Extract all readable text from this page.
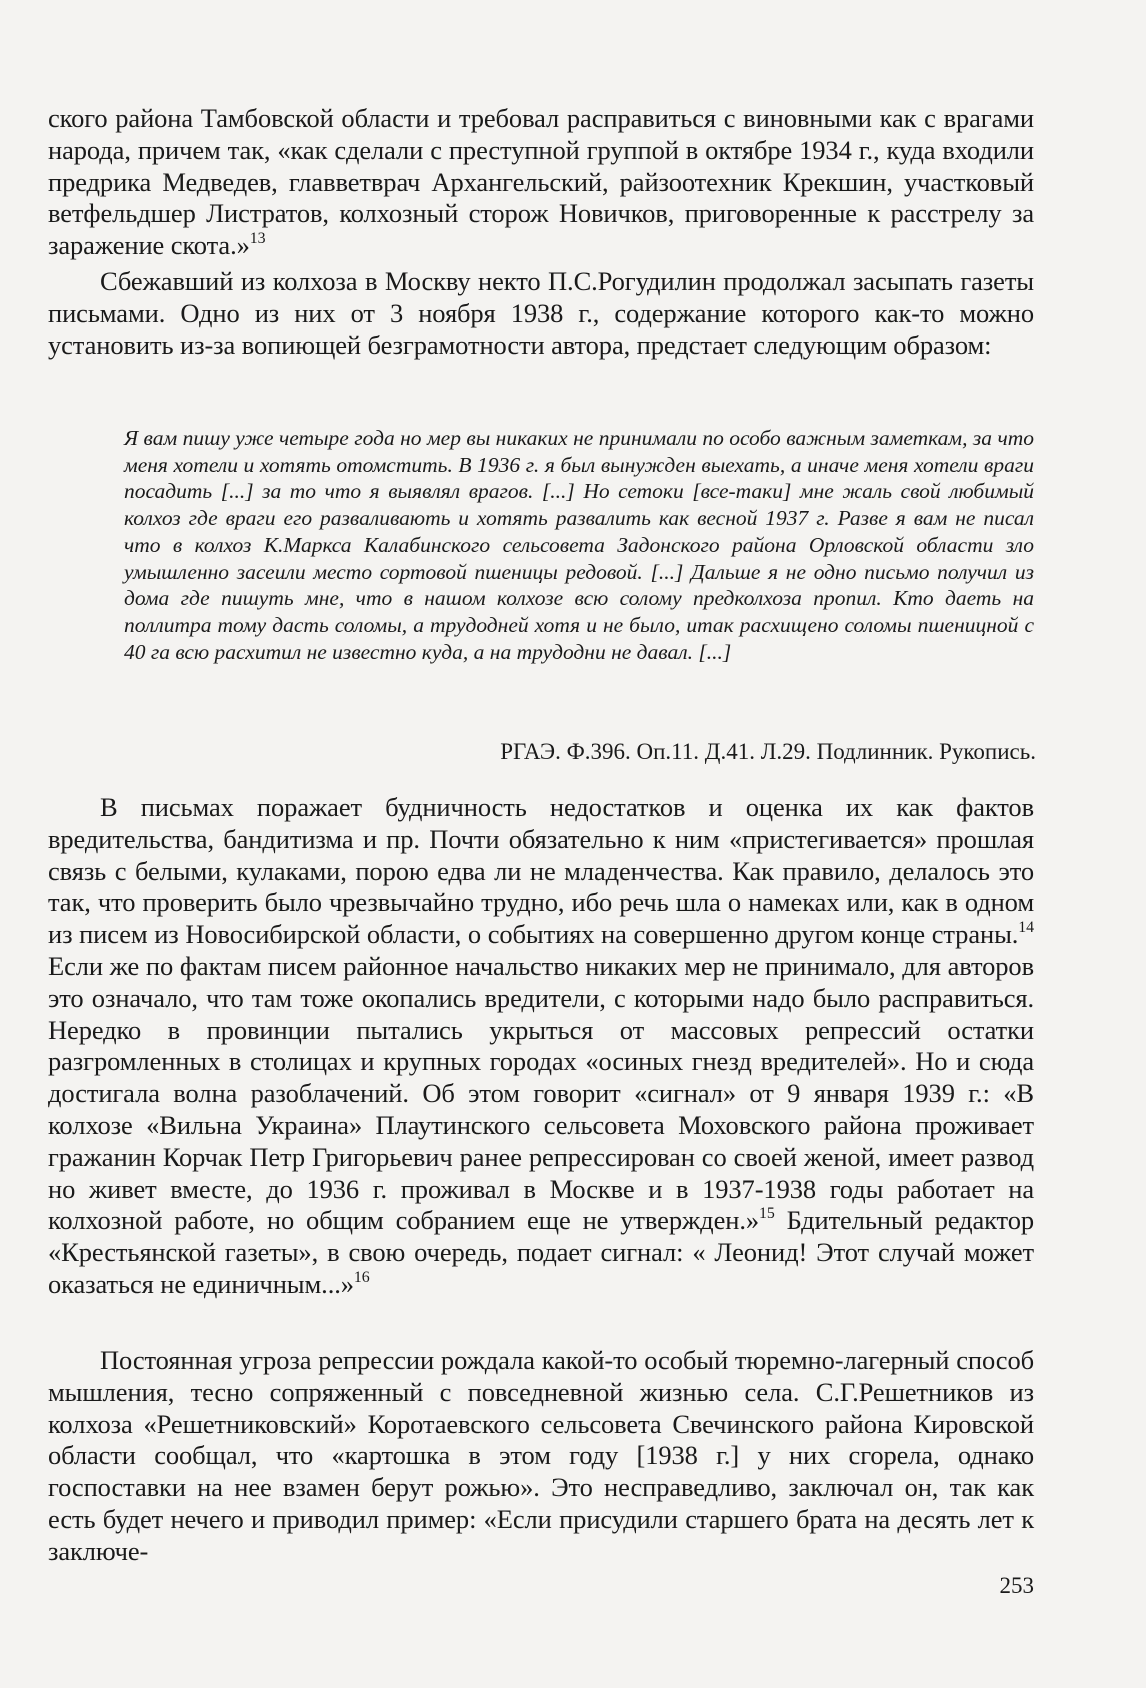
ского района Тамбовской области и требовал расправиться с виновными как с врагами народа, причем так, «как сделали с преступной группой в октябре 1934 г., куда входили предрика Медведев, главветврач Архангельский, райзоотехник Крекшин, участковый ветфельдшер Листратов, колхозный сторож Новичков, приговоренные к расстрелу за заражение скота.»$^{13}$

Сбежавший из колхоза в Москву некто П.С.Рогудилин продолжал засыпать газеты письмами. Одно из них от 3 ноября 1938 г., содержание которого как-то можно установить из-за вопиющей безграмотности автора, предстает следующим образом:

Я вам пишу уже четыре года но мер вы никаких не принимали по особо важным заметкам, за что меня хотели и хотять отомстить. В 1936 г. я был вынужден выехать, а иначе меня хотели враги посадить [...] за то что я выявлял врагов. [...] Но сетоки [все-таки] мне жаль свой любимый колхоз где враги его разваливають и хотять развалить как весной 1937 г. Разве я вам не писал что в колхоз К.Маркса Калабинского сельсовета Задонского района Орловской области зло умышленно засеили место сортовой пшеницы редовой. [...] Дальше я не одно письмо получил из дома где пишуть мне, что в нашом колхозе всю солому предколхоза пропил. Кто даеть на поллитра тому дасть соломы, а трудодней хотя и не было, итак расхищено соломы пшеницной с 40 га всю расхитил не известно куда, а на трудодни не давал. [...]

РГАЭ. Ф.396. Оп.11. Д.41. Л.29. Подлинник. Рукопись.

В письмах поражает будничность недостатков и оценка их как фактов вредительства, бандитизма и пр. Почти обязательно к ним «пристегивается» прошлая связь с белыми, кулаками, порою едва ли не младенчества. Как правило, делалось это так, что проверить было чрезвычайно трудно, ибо речь шла о намеках или, как в одном из писем из Новосибирской области, о событиях на совершенно другом конце страны.$^{14}$ Если же по фактам писем районное начальство никаких мер не принимало, для авторов это означало, что там тоже окопались вредители, с которыми надо было расправиться. Нередко в провинции пытались укрыться от массовых репрессий остатки разгромленных в столицах и крупных городах «осиных гнезд вредителей». Но и сюда достигала волна разоблачений. Об этом говорит «сигнал» от 9 января 1939 г.: «В колхозе «Вильна Украина» Плаутинского сельсовета Моховского района проживает гражанин Корчак Петр Григорьевич ранее репрессирован со своей женой, имеет развод но живет вместе, до 1936 г. проживал в Москве и в 1937-1938 годы работает на колхозной работе, но общим собранием еще не утвержден.»$^{15}$ Бдительный редактор «Крестьянской газеты», в свою очередь, подает сигнал: « Леонид! Этот случай может оказаться не единичным...»$^{16}$

Постоянная угроза репрессии рождала какой-то особый тюремно-лагерный способ мышления, тесно сопряженный с повседневной жизнью села. С.Г.Решетников из колхоза «Решетниковский» Коротаевского сельсовета Свечинского района Кировской области сообщал, что «картошка в этом году [1938 г.] у них сгорела, однако госпоставки на нее взамен берут рожью». Это несправедливо, заключал он, так как есть будет нечего и приводил пример: «Если присудили старшего брата на десять лет к заключе-

253
